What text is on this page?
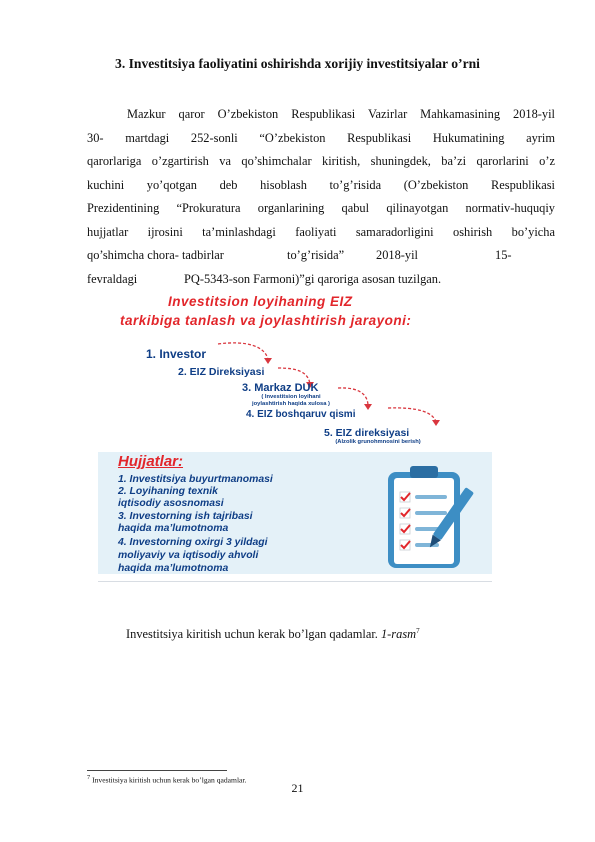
3. Investitsiya faoliyatini oshirishda xorijiy investitsiyalar o’rni
Mazkur qaror O’zbekiston Respublikasi Vazirlar Mahkamasining 2018-yil
30- martdagi 252-sonli “O’zbekiston Respublikasi Hukumatining ayrim
qarorlariga o’zgartirish va qo’shimchalar kiritish, shuningdek, ba’zi qarorlarini o’z
kuchini yo’qotgan deb hisoblash to’g’risida (O’zbekiston Respublikasi
Prezidentining “Prokuratura organlarining qabul qilinayotgan normativ-huquqiy
hujjatlar ijrosini ta’minlashdagi faoliyati samaradorligini oshirish bo’yicha
qo’shimcha chora- tadbirlar	to’g’risida”	2018-yil	15-
fevraldagi	PQ-5343-son Farmoni)”gi qaroriga asosan tuzilgan.
Investitsion loyihaning EIZ
tarkibiga tanlash va joylashtirish jarayoni:
1. Investor
2. EIZ Direksiyasi
3. Markaz DUK
( Investitsion loyihani
joylashtirish haqida xulosa )
4. EIZ boshqaruv qismi
5. EIZ direksiyasi
(Alzolik grunohmnosini berish)
Hujjatlar:
1. Investitsiya buyurtmanomasi
2. Loyihaning texnik
iqtisodiy asosnomasi
3. Investorning ish tajribasi
haqida ma’lumotnoma
4. Investorning oxirgi 3 yildagi
moliyaviy va iqtisodiy ahvoli
haqida ma’lumotnoma
Investitsiya kiritish uchun kerak bo’lgan qadamlar. 1-rasm$^7$
$^7$ Investitsiya kiritish uchun kerak bo’lgan qadamlar.
21
